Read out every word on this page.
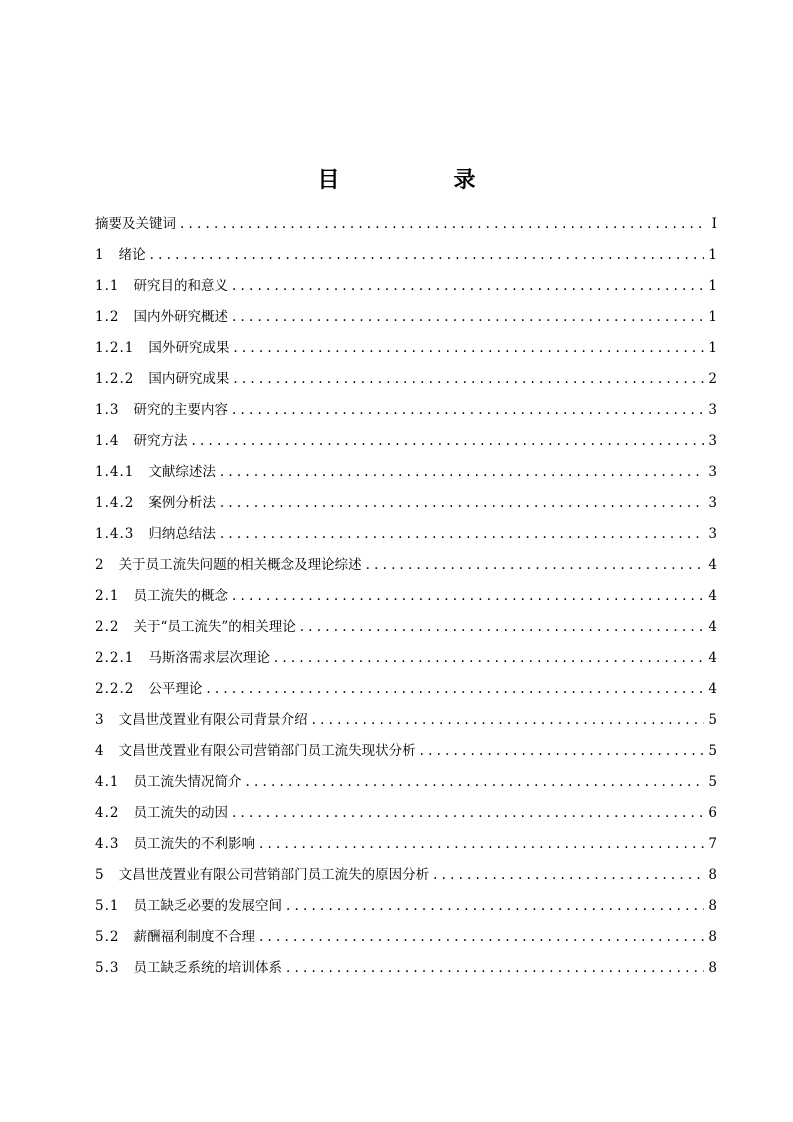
目　录
摘要及关键词 .....	I
1	绪论 .....	1
1.1	研究目的和意义 .....	1
1.2	国内外研究概述 .....	1
1.2.1	国外研究成果 .....	1
1.2.2	国内研究成果 .....	2
1.3	研究的主要内容 .....	3
1.4	研究方法 .....	3
1.4.1	文献综述法 .....	3
1.4.2	案例分析法 .....	3
1.4.3	归纳总结法 .....	3
2	关于员工流失问题的相关概念及理论综述 .....	4
2.1	员工流失的概念 .....	4
2.2	关于“员工流失”的相关理论 .....	4
2.2.1	马斯洛需求层次理论 .....	4
2.2.2	公平理论 .....	4
3	文昌世茂置业有限公司背景介绍 .....	5
4	文昌世茂置业有限公司营销部门员工流失现状分析 .....	5
4.1	员工流失情况简介 .....	5
4.2	员工流失的动因 .....	6
4.3	员工流失的不利影响 .....	7
5	文昌世茂置业有限公司营销部门员工流失的原因分析 .....	8
5.1	员工缺乏必要的发展空间 .....	8
5.2	薪酬福利制度不合理 .....	8
5.3	员工缺乏系统的培训体系 .....	8
